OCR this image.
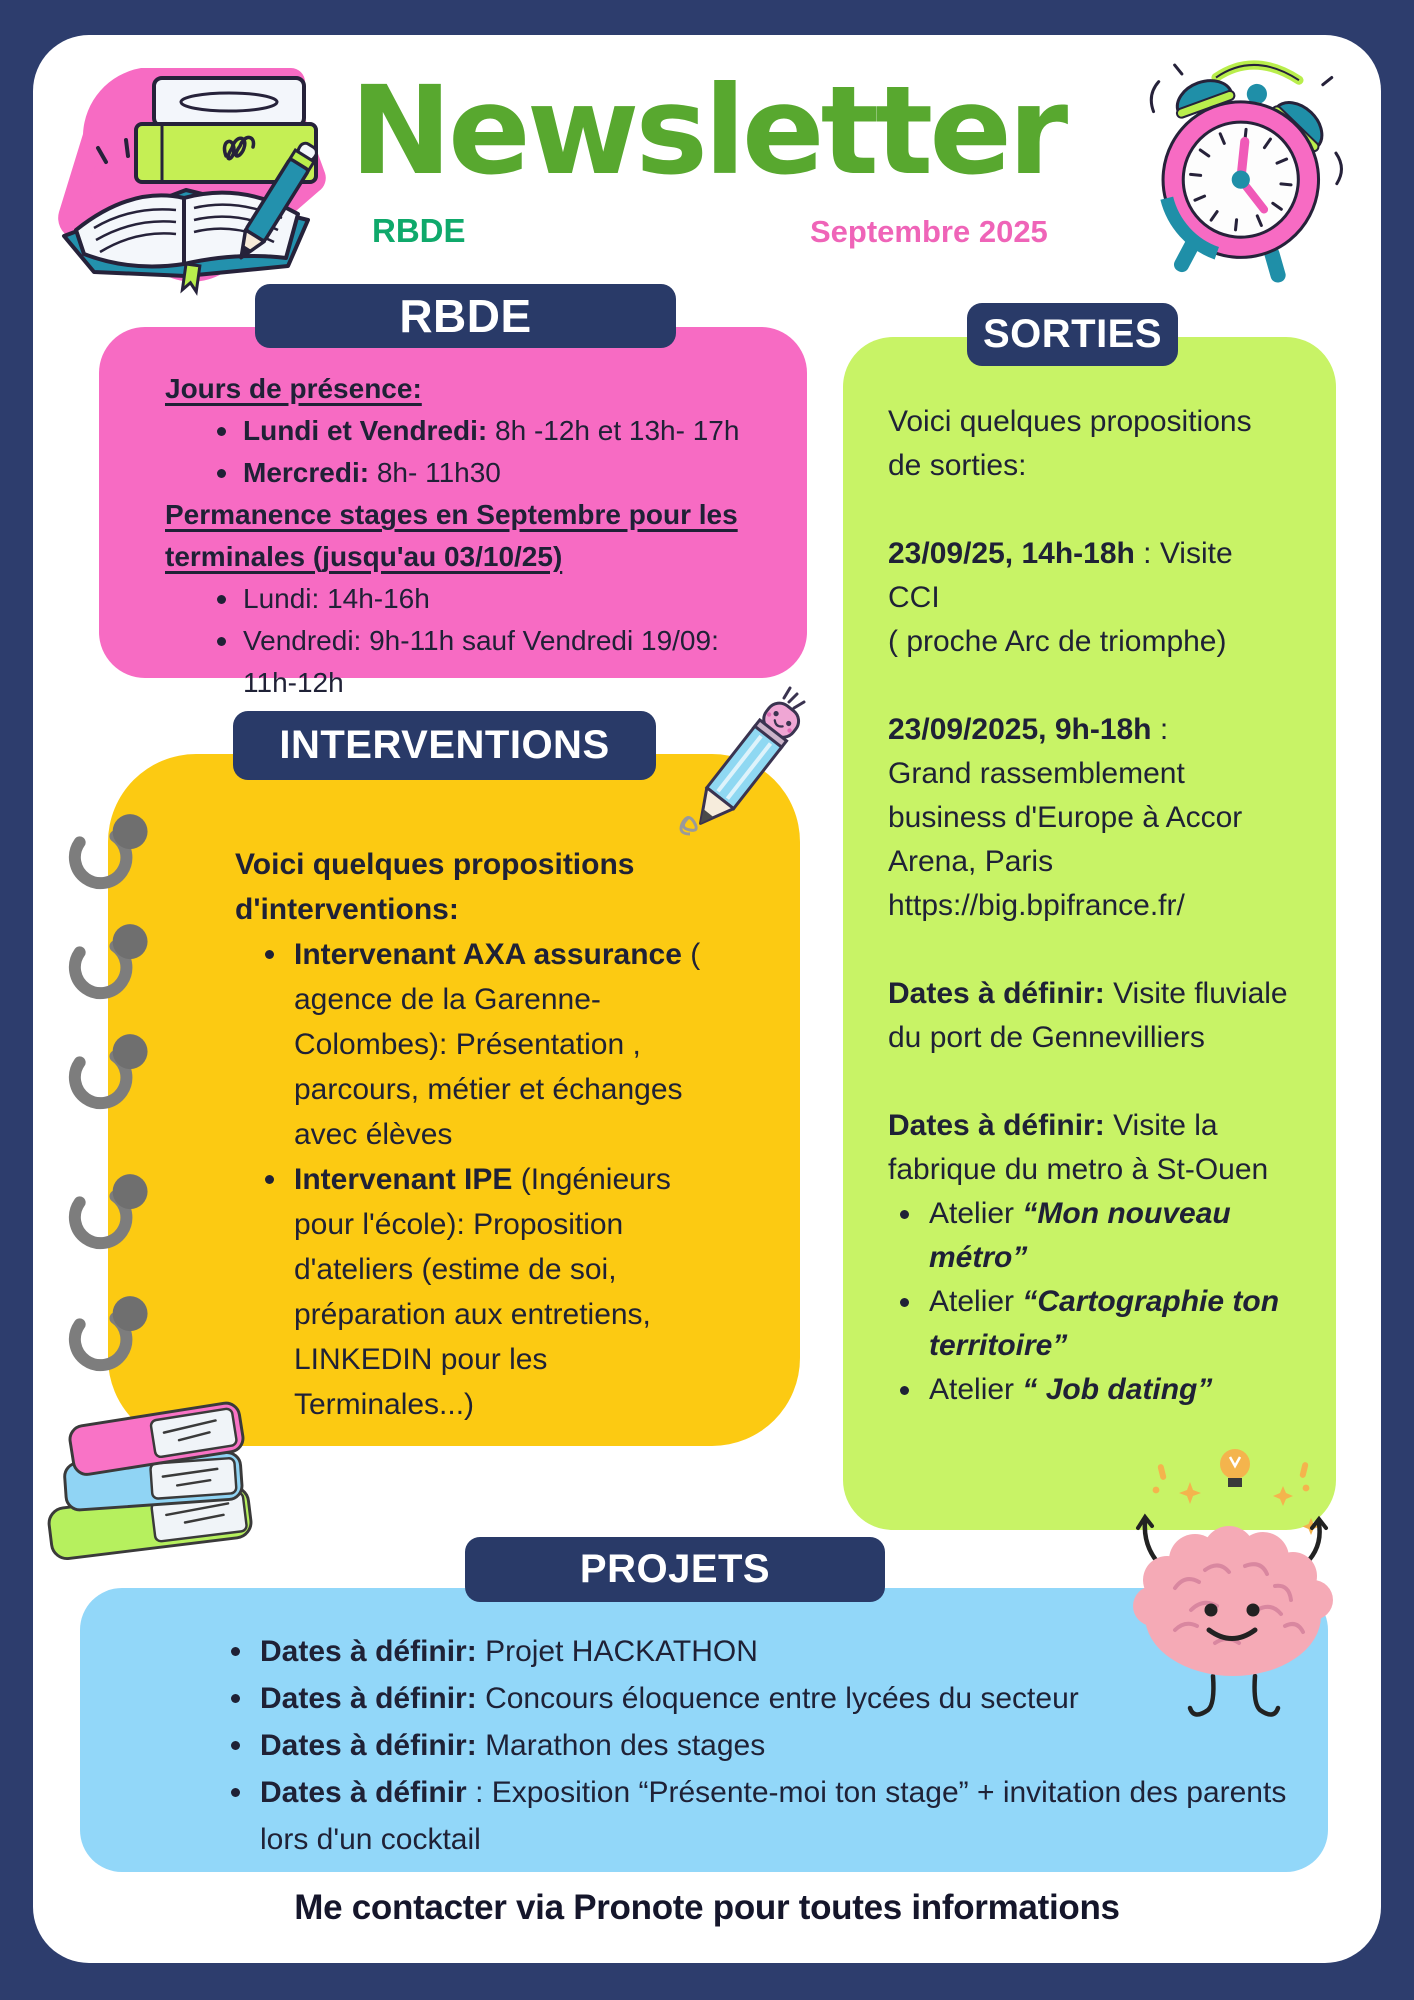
Newsletter
RBDE	Septembre 2025
RBDE
Jours de présence:
Lundi et Vendredi: 8h -12h et 13h- 17h
Mercredi: 8h- 11h30
Permanence stages en Septembre pour les terminales (jusqu'au 03/10/25)
Lundi: 14h-16h
Vendredi: 9h-11h sauf Vendredi 19/09: 11h-12h
INTERVENTIONS
Voici quelques propositions d'interventions:
Intervenant AXA assurance ( agence de la Garenne-Colombes): Présentation , parcours, métier et échanges avec élèves
Intervenant IPE (Ingénieurs pour l'école): Proposition d'ateliers (estime de soi, préparation aux entretiens, LINKEDIN pour les Terminales...)
SORTIES
Voici quelques propositions de sorties:
23/09/25, 14h-18h : Visite CCI
( proche Arc de triomphe)
23/09/2025, 9h-18h :
Grand rassemblement business d'Europe à Accor Arena, Paris https://big.bpifrance.fr/
Dates à définir: Visite fluviale du port de Gennevilliers
Dates à définir: Visite la fabrique du metro à St-Ouen
Atelier “Mon nouveau métro”
Atelier “Cartographie ton territoire”
Atelier “ Job dating”
PROJETS
Dates à définir: Projet HACKATHON
Dates à définir: Concours éloquence entre lycées du secteur
Dates à définir: Marathon des stages
Dates à définir : Exposition “Présente-moi ton stage” + invitation des parents lors d'un cocktail
Me contacter via Pronote pour toutes informations
